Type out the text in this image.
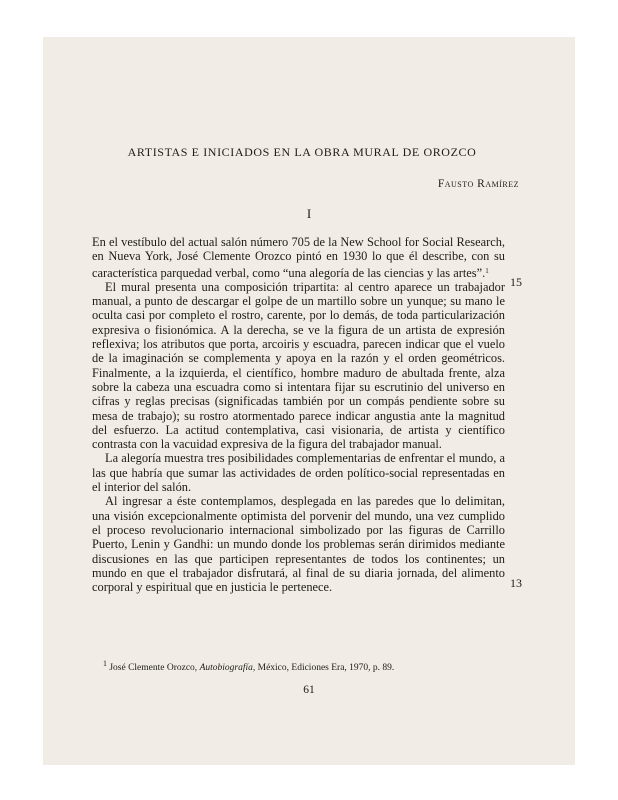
ARTISTAS E INICIADOS EN LA OBRA MURAL DE OROZCO
Fausto Ramírez
I

En el vestíbulo del actual salón número 705 de la New School for Social Research, en Nueva York, José Clemente Orozco pintó en 1930 lo que él describe, con su característica parquedad verbal, como “una alegoría de las ciencias y las artes”.$^1$

El mural presenta una composición tripartita: al centro aparece un trabajador manual, a punto de descargar el golpe de un martillo sobre un yunque; su mano le oculta casi por completo el rostro, carente, por lo demás, de toda particularización expresiva o fisionómica. A la derecha, se ve la figura de un artista de expresión reflexiva; los atributos que porta, arcoiris y escuadra, parecen indicar que el vuelo de la imaginación se complementa y apoya en la razón y el orden geométricos. Finalmente, a la izquierda, el científico, hombre maduro de abultada frente, alza sobre la cabeza una escuadra como si intentara fijar su escrutinio del universo en cifras y reglas precisas (significadas también por un compás pendiente sobre su mesa de trabajo); su rostro atormentado parece indicar angustia ante la magnitud del esfuerzo. La actitud contemplativa, casi visionaria, de artista y científico contrasta con la vacuidad expresiva de la figura del trabajador manual.

La alegoría muestra tres posibilidades complementarias de enfrentar el mundo, a las que habría que sumar las actividades de orden político-social representadas en el interior del salón.

Al ingresar a éste contemplamos, desplegada en las paredes que lo delimitan, una visión excepcionalmente optimista del porvenir del mundo, una vez cumplido el proceso revolucionario internacional simbolizado por las figuras de Carrillo Puerto, Lenin y Gandhi: un mundo donde los problemas serán dirimidos mediante discusiones en las que participen representantes de todos los continentes; un mundo en que el trabajador disfrutará, al final de su diaria jornada, del alimento corporal y espiritual que en justicia le pertenece.

15
13
$^1$ José Clemente Orozco, Autobiografía, México, Ediciones Era, 1970, p. 89.
61
